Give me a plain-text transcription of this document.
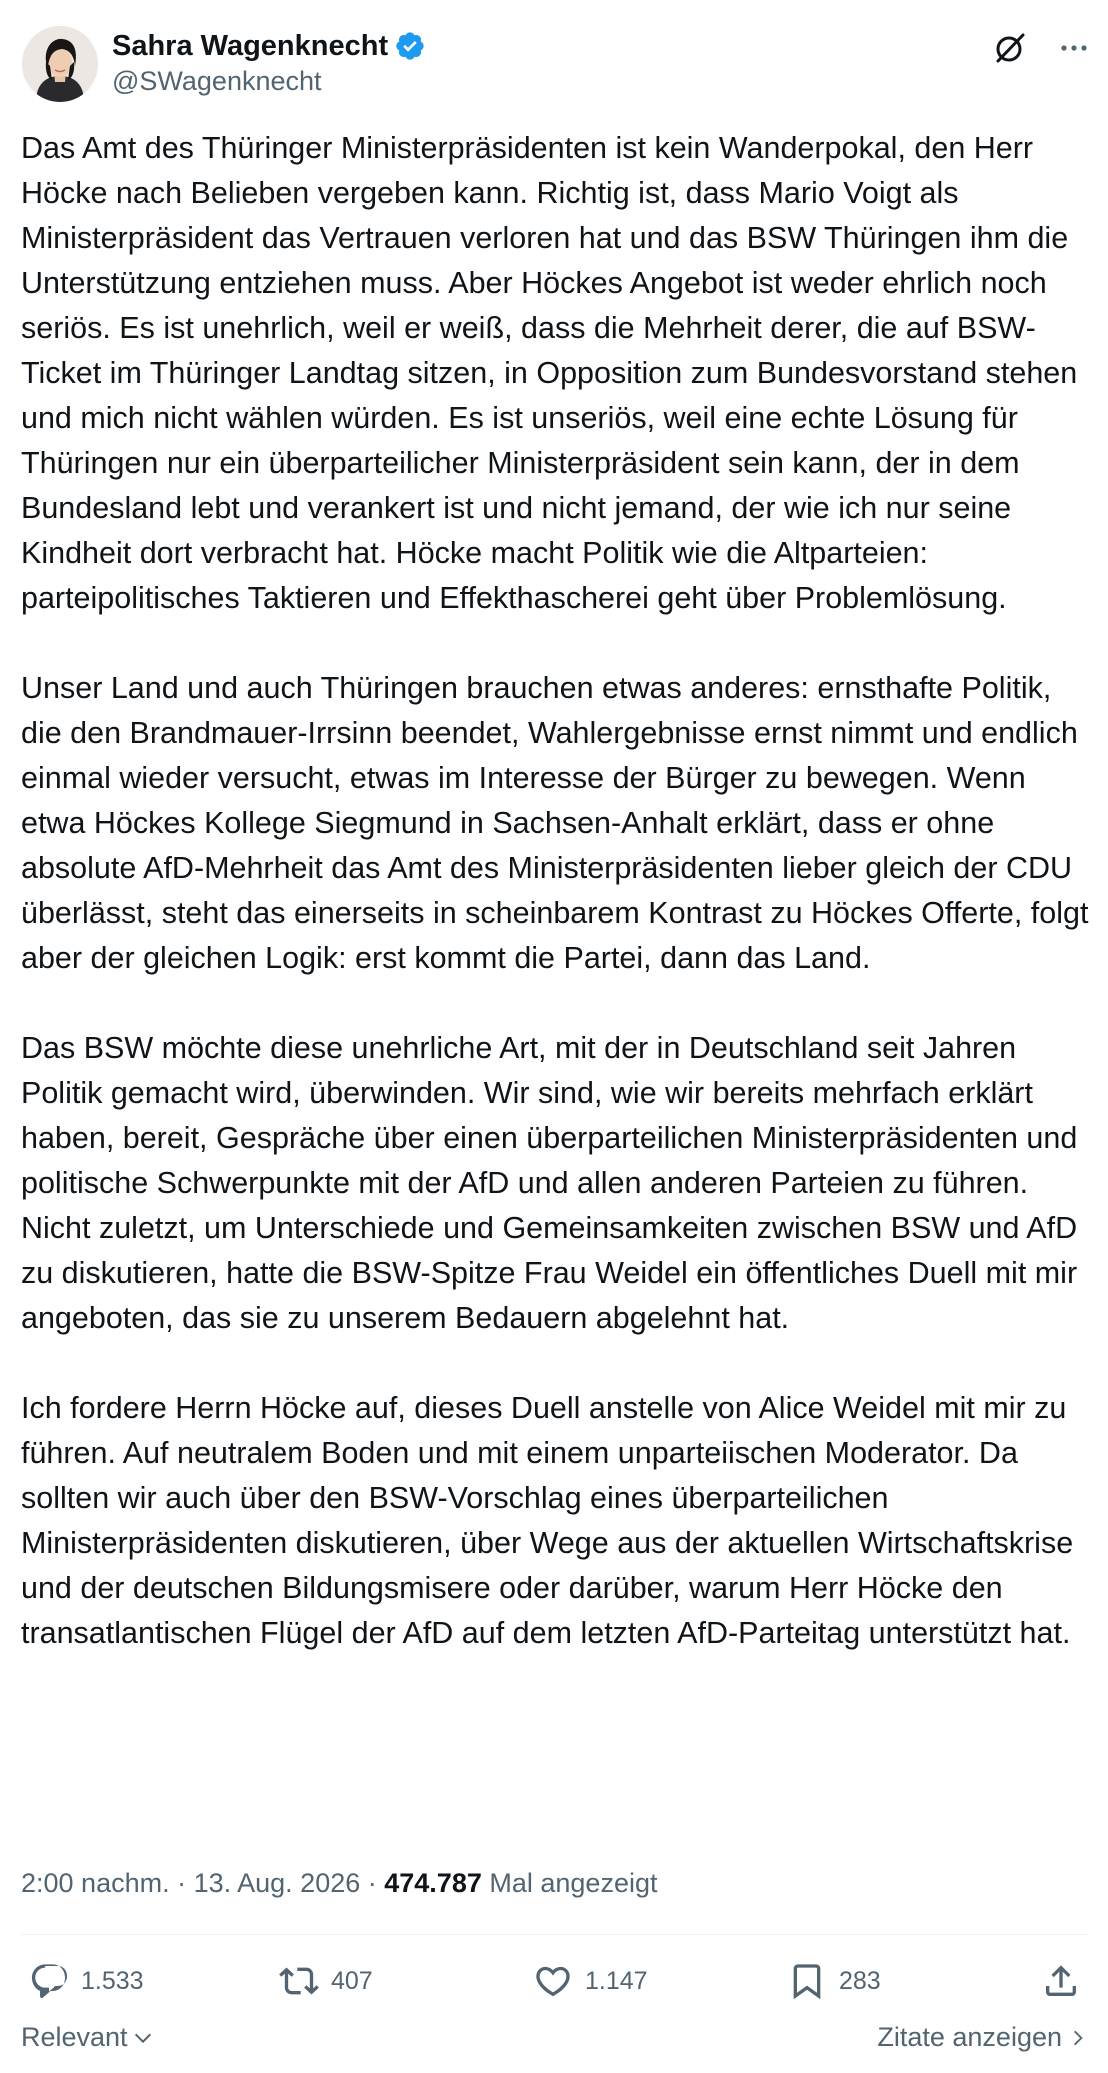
Sahra Wagenknecht
@SWagenknecht

Das Amt des Thüringer Ministerpräsidenten ist kein Wanderpokal, den Herr Höcke nach Belieben vergeben kann. Richtig ist, dass Mario Voigt als Ministerpräsident das Vertrauen verloren hat und das BSW Thüringen ihm die Unterstützung entziehen muss. Aber Höckes Angebot ist weder ehrlich noch seriös. Es ist unehrlich, weil er weiß, dass die Mehrheit derer, die auf BSW-Ticket im Thüringer Landtag sitzen, in Opposition zum Bundesvorstand stehen und mich nicht wählen würden. Es ist unseriös, weil eine echte Lösung für Thüringen nur ein überparteilicher Ministerpräsident sein kann, der in dem Bundesland lebt und verankert ist und nicht jemand, der wie ich nur seine Kindheit dort verbracht hat. Höcke macht Politik wie die Altparteien: parteipolitisches Taktieren und Effekthascherei geht über Problemlösung.

Unser Land und auch Thüringen brauchen etwas anderes: ernsthafte Politik, die den Brandmauer-Irrsinn beendet, Wahlergebnisse ernst nimmt und endlich einmal wieder versucht, etwas im Interesse der Bürger zu bewegen. Wenn etwa Höckes Kollege Siegmund in Sachsen-Anhalt erklärt, dass er ohne absolute AfD-Mehrheit das Amt des Ministerpräsidenten lieber gleich der CDU überlässt, steht das einerseits in scheinbarem Kontrast zu Höckes Offerte, folgt aber der gleichen Logik: erst kommt die Partei, dann das Land.

Das BSW möchte diese unehrliche Art, mit der in Deutschland seit Jahren Politik gemacht wird, überwinden. Wir sind, wie wir bereits mehrfach erklärt haben, bereit, Gespräche über einen überparteilichen Ministerpräsidenten und politische Schwerpunkte mit der AfD und allen anderen Parteien zu führen. Nicht zuletzt, um Unterschiede und Gemeinsamkeiten zwischen BSW und AfD zu diskutieren, hatte die BSW-Spitze Frau Weidel ein öffentliches Duell mit mir angeboten, das sie zu unserem Bedauern abgelehnt hat.

Ich fordere Herrn Höcke auf, dieses Duell anstelle von Alice Weidel mit mir zu führen. Auf neutralem Boden und mit einem unparteiischen Moderator. Da sollten wir auch über den BSW-Vorschlag eines überparteilichen Ministerpräsidenten diskutieren, über Wege aus der aktuellen Wirtschaftskrise und der deutschen Bildungsmisere oder darüber, warum Herr Höcke den transatlantischen Flügel der AfD auf dem letzten AfD-Parteitag unterstützt hat.

2:00 nachm. · 13. Aug. 2026 · 474.787 Mal angezeigt
1.533	407	1.147	283
Relevant	Zitate anzeigen
